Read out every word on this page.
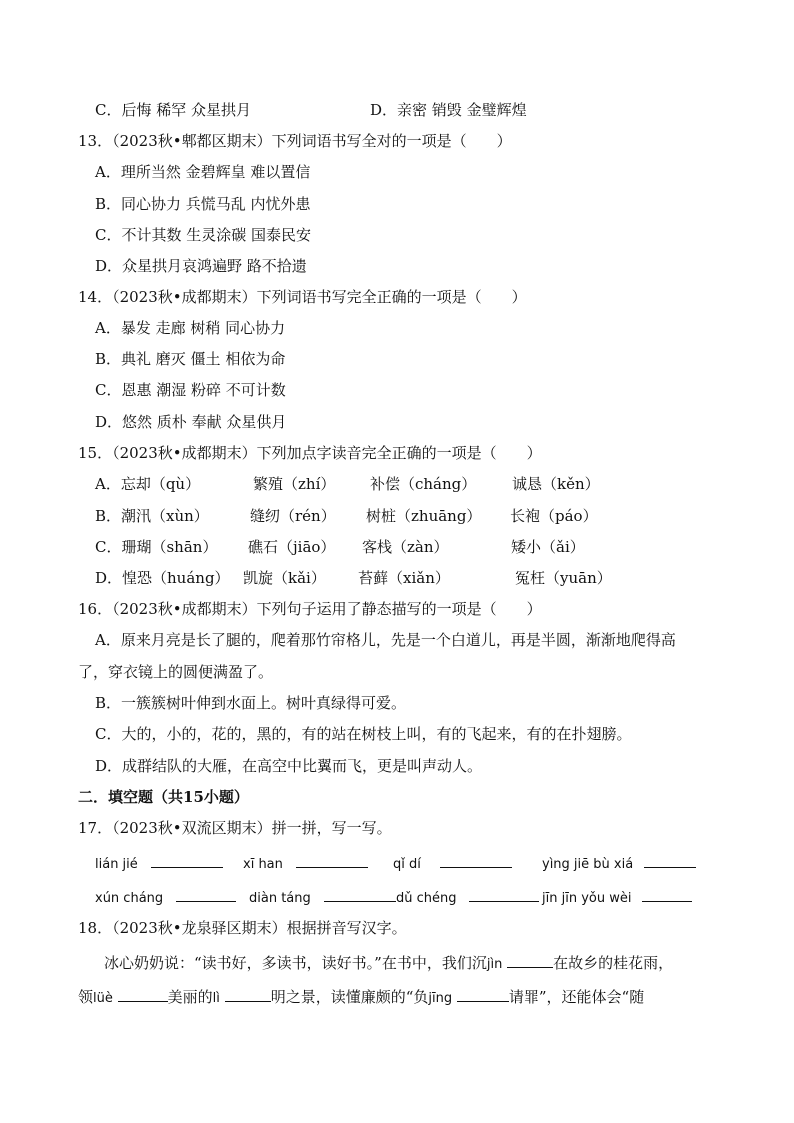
C．后悔 稀罕 众星拱月	D．亲密 销毁 金璧辉煌
13．（2023秋•郫都区期末）下列词语书写全对的一项是（　　）
A．理所当然 金碧辉皇 难以置信
B．同心协力 兵慌马乱 内忧外患
C．不计其数 生灵涂碳 国泰民安
D．众星拱月哀鸿遍野 路不拾遗
14．（2023秋•成都期末）下列词语书写完全正确的一项是（　　）
A．暴发 走廊 树稍 同心协力
B．典礼 磨灭 僵土 相依为命
C．恩惠 潮湿 粉碎 不可计数
D．悠然 质朴 奉献 众星供月
15．（2023秋•成都期末）下列加点字读音完全正确的一项是（　　）
A．忘却（qù）	繁殖（zhí） 补偿（cháng） 诚恳（kěn）
B．潮汛（xùn）	缝纫（rén） 树桩（zhuāng） 长袍（páo）
C．珊瑚（shān） 礁石（jiāo） 客栈（zàn）	矮小（ǎi）
D．惶恐（huáng） 凯旋（kǎi） 苔藓（xiǎn）	冤枉（yuān）
16．（2023秋•成都期末）下列句子运用了静态描写的一项是（　　）
A．原来月亮是长了腿的，爬着那竹帘格儿，先是一个白道儿，再是半圆，渐渐地爬得高
了，穿衣镜上的圆便满盈了。
B．一簇簇树叶伸到水面上。树叶真绿得可爱。
C．大的，小的，花的，黑的，有的站在树枝上叫，有的飞起来，有的在扑翅膀。
D．成群结队的大雁，在高空中比翼而飞，更是叫声动人。
二．填空题（共15小题）
17．（2023秋•双流区期末）拼一拼，写一写。
lián jié	xī han	qǐ dí	yìng jiē bù xiá
xún cháng	diàn táng	dǔ chéng	jīn jīn yǒu wèi
18．（2023秋•龙泉驿区期末）根据拼音写汉字。
冰心奶奶说：“读书好，多读书，读好书。”在书中，我们沉jìn	在故乡的桂花雨，
领lüè	美丽的lì	明之景，读懂廉颇的“负jīng	请罪”，还能体会“随
